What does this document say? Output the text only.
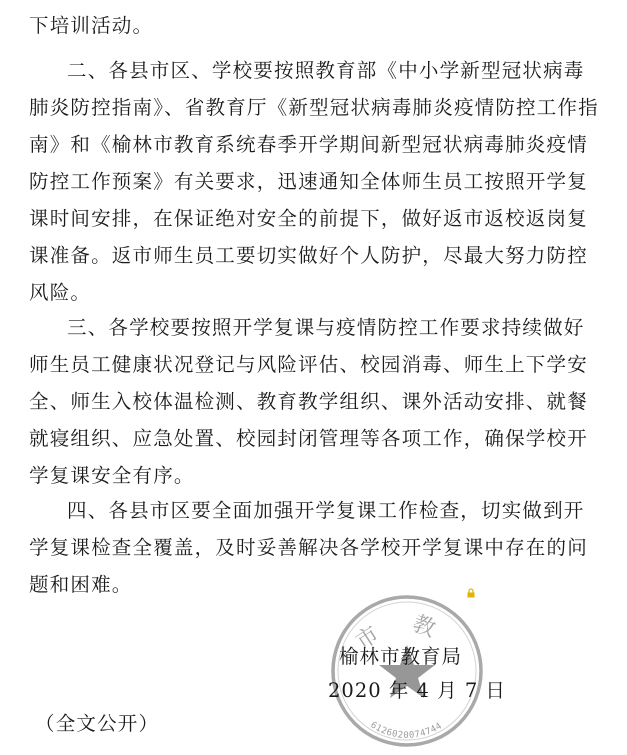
下培训活动。
二、各县市区、学校要按照教育部《中小学新型冠状病毒
肺炎防控指南》、省教育厅《新型冠状病毒肺炎疫情防控工作指
南》和《榆林市教育系统春季开学期间新型冠状病毒肺炎疫情
防控工作预案》有关要求，迅速通知全体师生员工按照开学复
课时间安排，在保证绝对安全的前提下，做好返市返校返岗复
课准备。返市师生员工要切实做好个人防护，尽最大努力防控
风险。
三、各学校要按照开学复课与疫情防控工作要求持续做好
师生员工健康状况登记与风险评估、校园消毒、师生上下学安
全、师生入校体温检测、教育教学组织、课外活动安排、就餐
就寝组织、应急处置、校园封闭管理等各项工作，确保学校开
学复课安全有序。
四、各县市区要全面加强开学复课工作检查，切实做到开
学复课检查全覆盖，及时妥善解决各学校开学复课中存在的问
题和困难。
市 教
6126020074744
榆林市教育局
2020 年 4 月 7 日
（全文公开）
